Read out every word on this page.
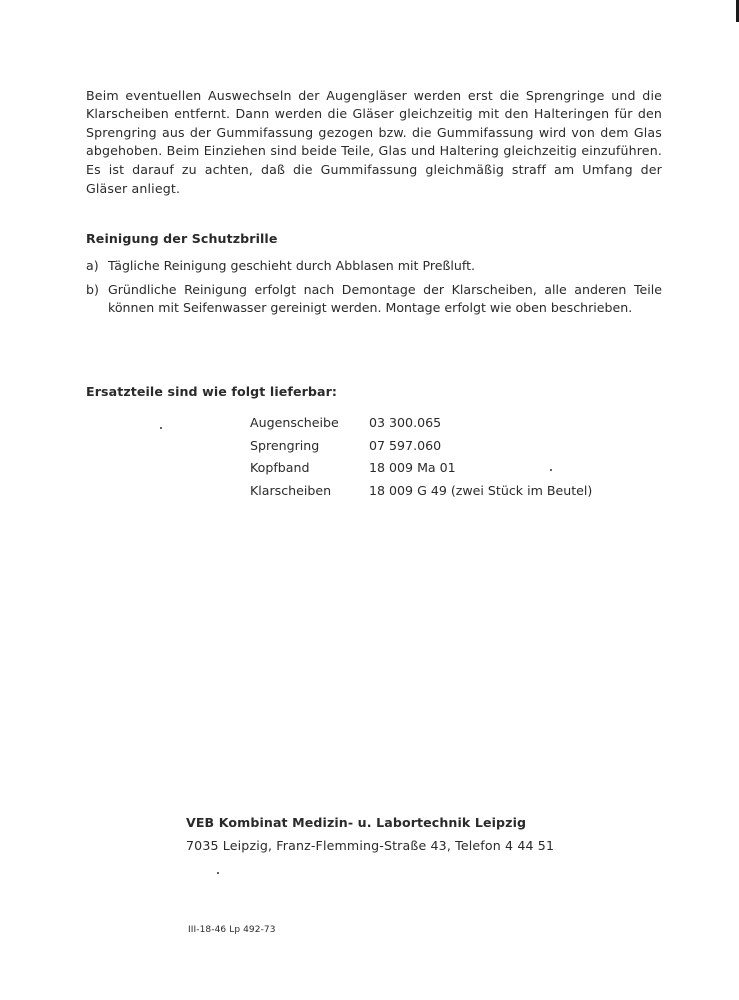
Beim eventuellen Auswechseln der Augengläser werden erst die Sprengringe und die Klarscheiben entfernt. Dann werden die Gläser gleichzeitig mit den Halteringen für den Sprengring aus der Gummifassung gezogen bzw. die Gummifassung wird von dem Glas abgehoben. Beim Einziehen sind beide Teile, Glas und Haltering gleichzeitig einzuführen. Es ist darauf zu achten, daß die Gummifassung gleichmäßig straff am Umfang der Gläser anliegt.

Reinigung der Schutzbrille
a) Tägliche Reinigung geschieht durch Abblasen mit Preßluft.
b) Gründliche Reinigung erfolgt nach Demontage der Klarscheiben, alle anderen Teile können mit Seifenwasser gereinigt werden. Montage erfolgt wie oben beschrieben.
Ersatzteile sind wie folgt lieferbar:
Augenscheibe	03 300.065
Sprengring	07 597.060
Kopfband	18 009 Ma 01
Klarscheiben	18 009 G 49 (zwei Stück im Beutel)
VEB Kombinat Medizin- u. Labortechnik Leipzig
7035 Leipzig, Franz-Flemming-Straße 43, Telefon 4 44 51
III-18-46 Lp 492-73
